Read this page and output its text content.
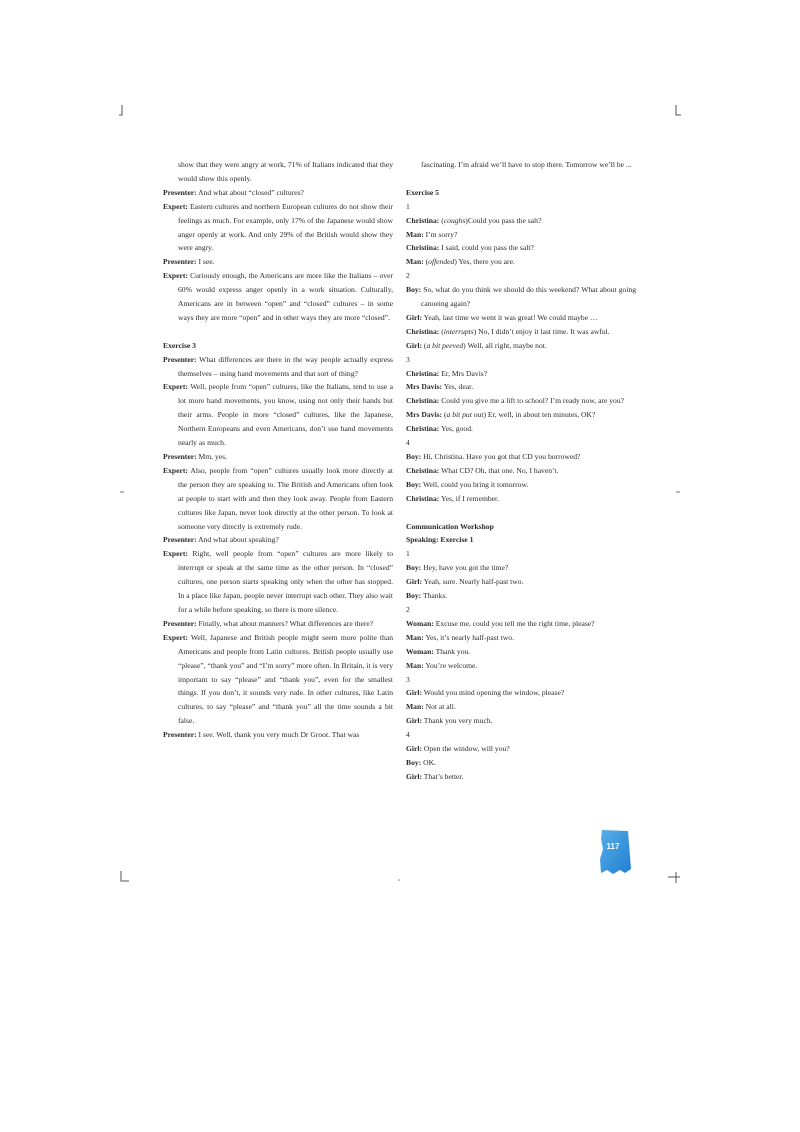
show that they were angry at work, 71% of Italians indicated that they would show this openly.
Presenter: And what about “closed” cultures?
Expert: Eastern cultures and northern European cultures do not show their feelings as much. For example, only 17% of the Japanese would show anger openly at work. And only 29% of the British would show they were angry.
Presenter: I see.
Expert: Curiously enough, the Americans are more like the Italians – over 60% would express anger openly in a work situation. Culturally, Americans are in between “open” and “closed” cultures – in some ways they are more “open” and in other ways they are more “closed”.
Exercise 3
Presenter: What differences are there in the way people actually express themselves – using hand movements and that sort of thing?
Expert: Well, people from “open” cultures, like the Italians, tend to use a lot more hand movements, you know, using not only their hands but their arms. People in more “closed” cultures, like the Japanese, Northern Europeans and even Americans, don’t use hand movements nearly as much.
Presenter: Mm, yes.
Expert: Also, people from “open” cultures usually look more directly at the person they are speaking to. The British and Americans often look at people to start with and then they look away. People from Eastern cultures like Japan, never look directly at the other person. To look at someone very directly is extremely rude.
Presenter: And what about speaking?
Expert: Right, well people from “open” cultures are more likely to interrupt or speak at the same time as the other person. In “closed” cultures, one person starts speaking only when the other has stopped. In a place like Japan, people never interrupt each other. They also wait for a while before speaking, so there is more silence.
Presenter: Finally, what about manners? What differences are there?
Expert: Well, Japanese and British people might seem more polite than Americans and people from Latin cultures. British people usually use “please”, “thank you” and “I’m sorry” more often. In Britain, it is very important to say “please” and “thank you”, even for the smallest things. If you don’t, it sounds very rude. In other cultures, like Latin cultures, to say “please” and “thank you” all the time sounds a bit false.
Presenter: I see. Well, thank you very much Dr Groot. That was
fascinating. I’m afraid we’ll have to stop there. Tomorrow we’ll be ...
Exercise 5
1
Christina: (coughs)Could you pass the salt?
Man: I’m sorry?
Christina: I said, could you pass the salt?
Man: (offended) Yes, there you are.
2
Boy: So, what do you think we should do this weekend? What about going canoeing again?
Girl: Yeah, last time we went it was great! We could maybe …
Christina: (interrupts) No, I didn’t enjoy it last time. It was awful.
Girl: (a bit peeved) Well, all right, maybe not.
3
Christina: Er, Mrs Davis?
Mrs Davis: Yes, dear.
Christina: Could you give me a lift to school? I’m ready now, are you?
Mrs Davis: (a bit put out) Er, well, in about ten minutes, OK?
Christina: Yes, good.
4
Boy: Hi, Christina. Have you got that CD you borrowed?
Christina: What CD? Oh, that one. No, I haven’t.
Boy: Well, could you bring it tomorrow.
Christina: Yes, if I remember.
Communication Workshop
Speaking: Exercise 1
1
Boy: Hey, have you got the time?
Girl: Yeah, sure. Nearly half-past two.
Boy: Thanks.
2
Woman: Excuse me, could you tell me the right time, please?
Man: Yes, it’s nearly half-past two.
Woman: Thank you.
Man: You’re welcome.
3
Girl: Would you mind opening the window, please?
Man: Not at all.
Girl: Thank you very much.
4
Girl: Open the window, will you?
Boy: OK.
Girl: That’s better.
117
